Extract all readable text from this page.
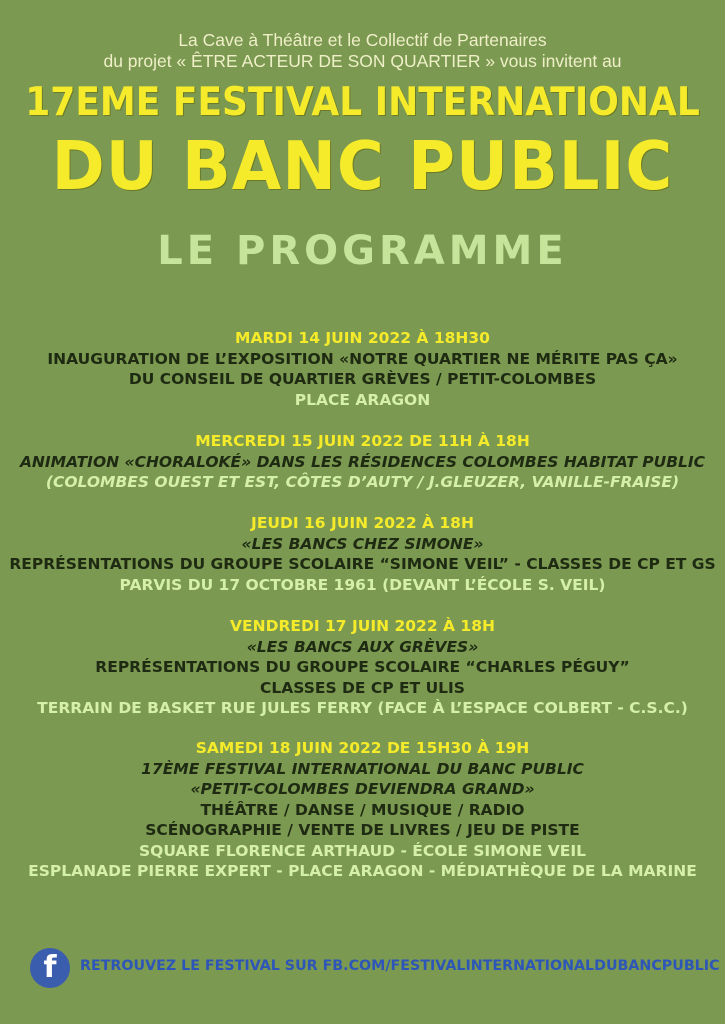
La Cave à Théâtre et le Collectif de Partenaires
du projet « ÊTRE ACTEUR DE SON QUARTIER » vous invitent au
17EME FESTIVAL INTERNATIONAL
DU BANC PUBLIC
LE PROGRAMME
MARDI 14 JUIN 2022 À 18H30
INAUGURATION DE L’EXPOSITION «NOTRE QUARTIER NE MÉRITE PAS ÇA»
DU CONSEIL DE QUARTIER GRÈVES / PETIT-COLOMBES
PLACE ARAGON
MERCREDI 15 JUIN 2022 DE 11H À 18H
ANIMATION «CHORALOKÉ» DANS LES RÉSIDENCES COLOMBES HABITAT PUBLIC
(COLOMBES OUEST ET EST, CÔTES D’AUTY / J.GLEUZER, VANILLE-FRAISE)
JEUDI 16 JUIN 2022 À 18H
«LES BANCS CHEZ SIMONE»
REPRÉSENTATIONS DU GROUPE SCOLAIRE “SIMONE VEIL” - CLASSES DE CP ET GS
PARVIS DU 17 OCTOBRE 1961 (DEVANT L’ÉCOLE S. VEIL)
VENDREDI 17 JUIN 2022 À 18H
«LES BANCS AUX GRÈVES»
REPRÉSENTATIONS DU GROUPE SCOLAIRE “CHARLES PÉGUY”
CLASSES DE CP ET ULIS
TERRAIN DE BASKET RUE JULES FERRY (FACE À L’ESPACE COLBERT - C.S.C.)
SAMEDI 18 JUIN 2022 DE 15H30 À 19H
17ÈME FESTIVAL INTERNATIONAL DU BANC PUBLIC
«PETIT-COLOMBES DEVIENDRA GRAND»
THÉÂTRE / DANSE / MUSIQUE / RADIO
SCÉNOGRAPHIE / VENTE DE LIVRES / JEU DE PISTE
SQUARE FLORENCE ARTHAUD - ÉCOLE SIMONE VEIL
ESPLANADE PIERRE EXPERT - PLACE ARAGON - MÉDIATHÈQUE DE LA MARINE
f	RETROUVEZ LE FESTIVAL SUR FB.COM/FESTIVALINTERNATIONALDUBANCPUBLIC
